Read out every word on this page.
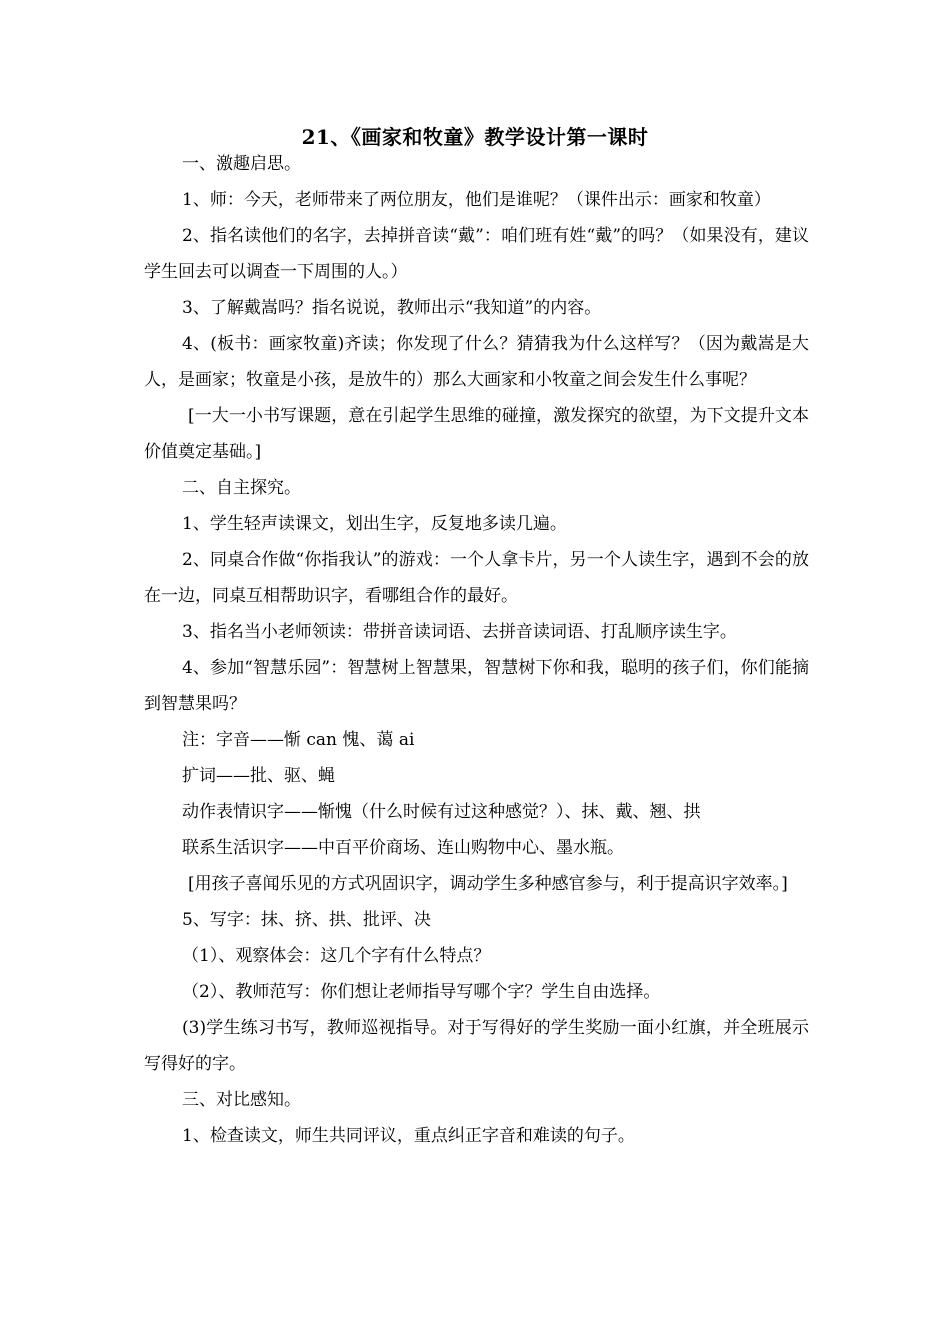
21、《画家和牧童》教学设计第一课时

一、激趣启思。

1、师：今天，老师带来了两位朋友，他们是谁呢？（课件出示：画家和牧童）

2、指名读他们的名字，去掉拼音读“戴”：咱们班有姓“戴”的吗？（如果没有，建议学生回去可以调查一下周围的人。）

3、了解戴嵩吗？指名说说，教师出示“我知道”的内容。

4、(板书：画家牧童)齐读；你发现了什么？猜猜我为什么这样写？（因为戴嵩是大人，是画家；牧童是小孩，是放牛的）那么大画家和小牧童之间会发生什么事呢？

[一大一小书写课题，意在引起学生思维的碰撞，激发探究的欲望，为下文提升文本价值奠定基础。]

二、自主探究。

1、学生轻声读课文，划出生字，反复地多读几遍。

2、同桌合作做“你指我认”的游戏：一个人拿卡片，另一个人读生字，遇到不会的放在一边，同桌互相帮助识字，看哪组合作的最好。

3、指名当小老师领读：带拼音读词语、去拼音读词语、打乱顺序读生字。

4、参加“智慧乐园”：智慧树上智慧果，智慧树下你和我，聪明的孩子们，你们能摘到智慧果吗？

注：字音——惭 can 愧、蔼 ai

扩词——批、驱、蝇

动作表情识字——惭愧（什么时候有过这种感觉？）、抹、戴、翘、拱

联系生活识字——中百平价商场、连山购物中心、墨水瓶。

[用孩子喜闻乐见的方式巩固识字，调动学生多种感官参与，利于提高识字效率。]

5、写字：抹、挤、拱、批评、决

（1）、观察体会：这几个字有什么特点？

（2）、教师范写：你们想让老师指导写哪个字？学生自由选择。

(3)学生练习书写，教师巡视指导。对于写得好的学生奖励一面小红旗，并全班展示写得好的字。

三、对比感知。

1、检查读文，师生共同评议，重点纠正字音和难读的句子。
